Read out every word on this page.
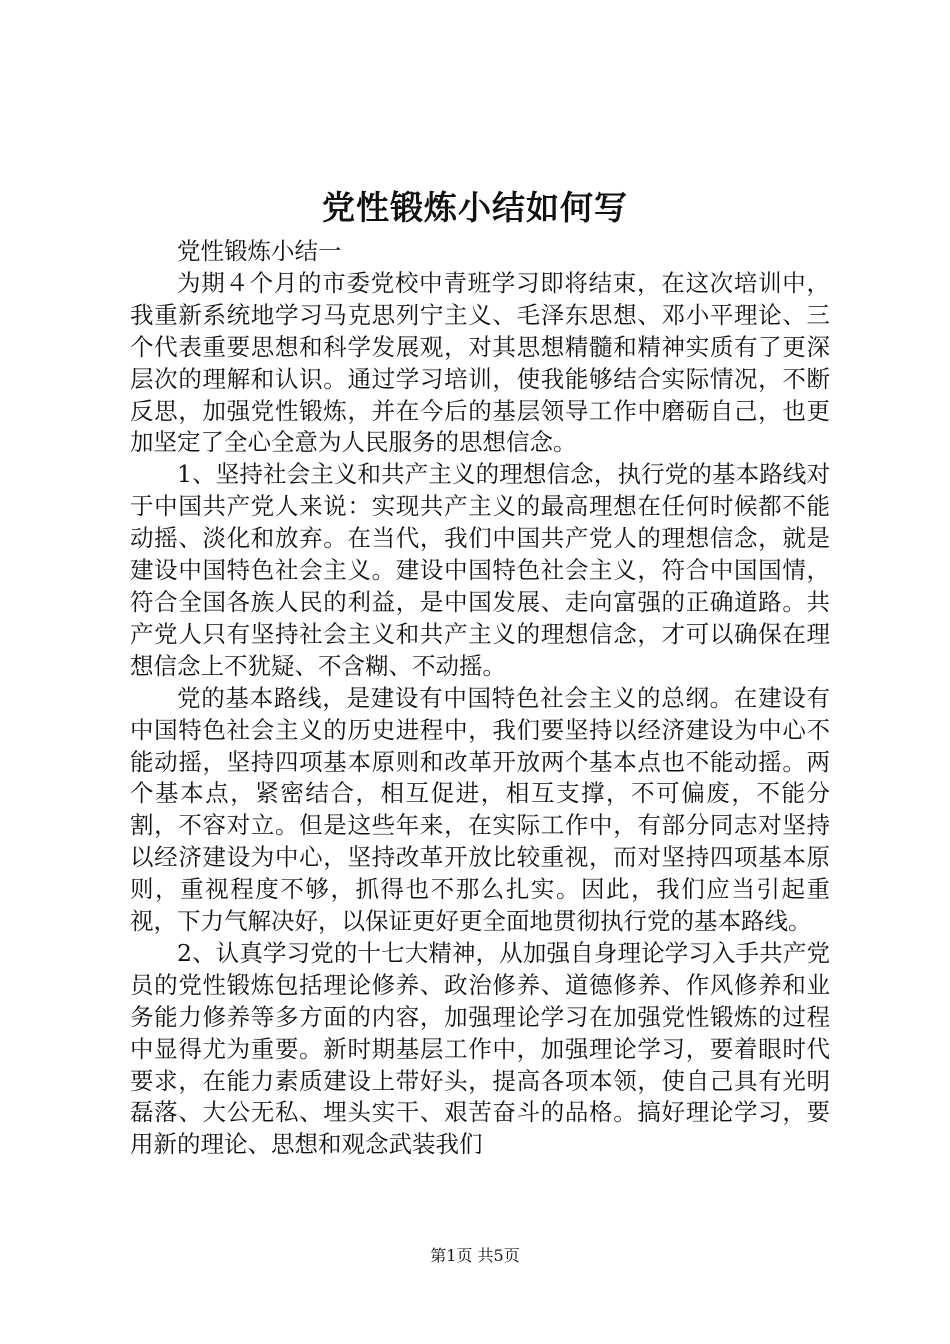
党性锻炼小结如何写

党性锻炼小结一

为期４个月的市委党校中青班学习即将结束，在这次培训中，我重新系统地学习马克思列宁主义、毛泽东思想、邓小平理论、三个代表重要思想和科学发展观，对其思想精髓和精神实质有了更深层次的理解和认识。通过学习培训，使我能够结合实际情况，不断反思，加强党性锻炼，并在今后的基层领导工作中磨砺自己，也更加坚定了全心全意为人民服务的思想信念。

1、坚持社会主义和共产主义的理想信念，执行党的基本路线对于中国共产党人来说：实现共产主义的最高理想在任何时候都不能动摇、淡化和放弃。在当代，我们中国共产党人的理想信念，就是建设中国特色社会主义。建设中国特色社会主义，符合中国国情，符合全国各族人民的利益，是中国发展、走向富强的正确道路。共产党人只有坚持社会主义和共产主义的理想信念，才可以确保在理想信念上不犹疑、不含糊、不动摇。

党的基本路线，是建设有中国特色社会主义的总纲。在建设有中国特色社会主义的历史进程中，我们要坚持以经济建设为中心不能动摇，坚持四项基本原则和改革开放两个基本点也不能动摇。两个基本点，紧密结合，相互促进，相互支撑，不可偏废，不能分割，不容对立。但是这些年来，在实际工作中，有部分同志对坚持以经济建设为中心，坚持改革开放比较重视，而对坚持四项基本原则，重视程度不够，抓得也不那么扎实。因此，我们应当引起重视，下力气解决好，以保证更好更全面地贯彻执行党的基本路线。

2、认真学习党的十七大精神，从加强自身理论学习入手共产党员的党性锻炼包括理论修养、政治修养、道德修养、作风修养和业务能力修养等多方面的内容，加强理论学习在加强党性锻炼的过程中显得尤为重要。新时期基层工作中，加强理论学习，要着眼时代要求，在能力素质建设上带好头，提高各项本领，使自己具有光明磊落、大公无私、埋头实干、艰苦奋斗的品格。搞好理论学习，要用新的理论、思想和观念武装我们

第1页 共5页
